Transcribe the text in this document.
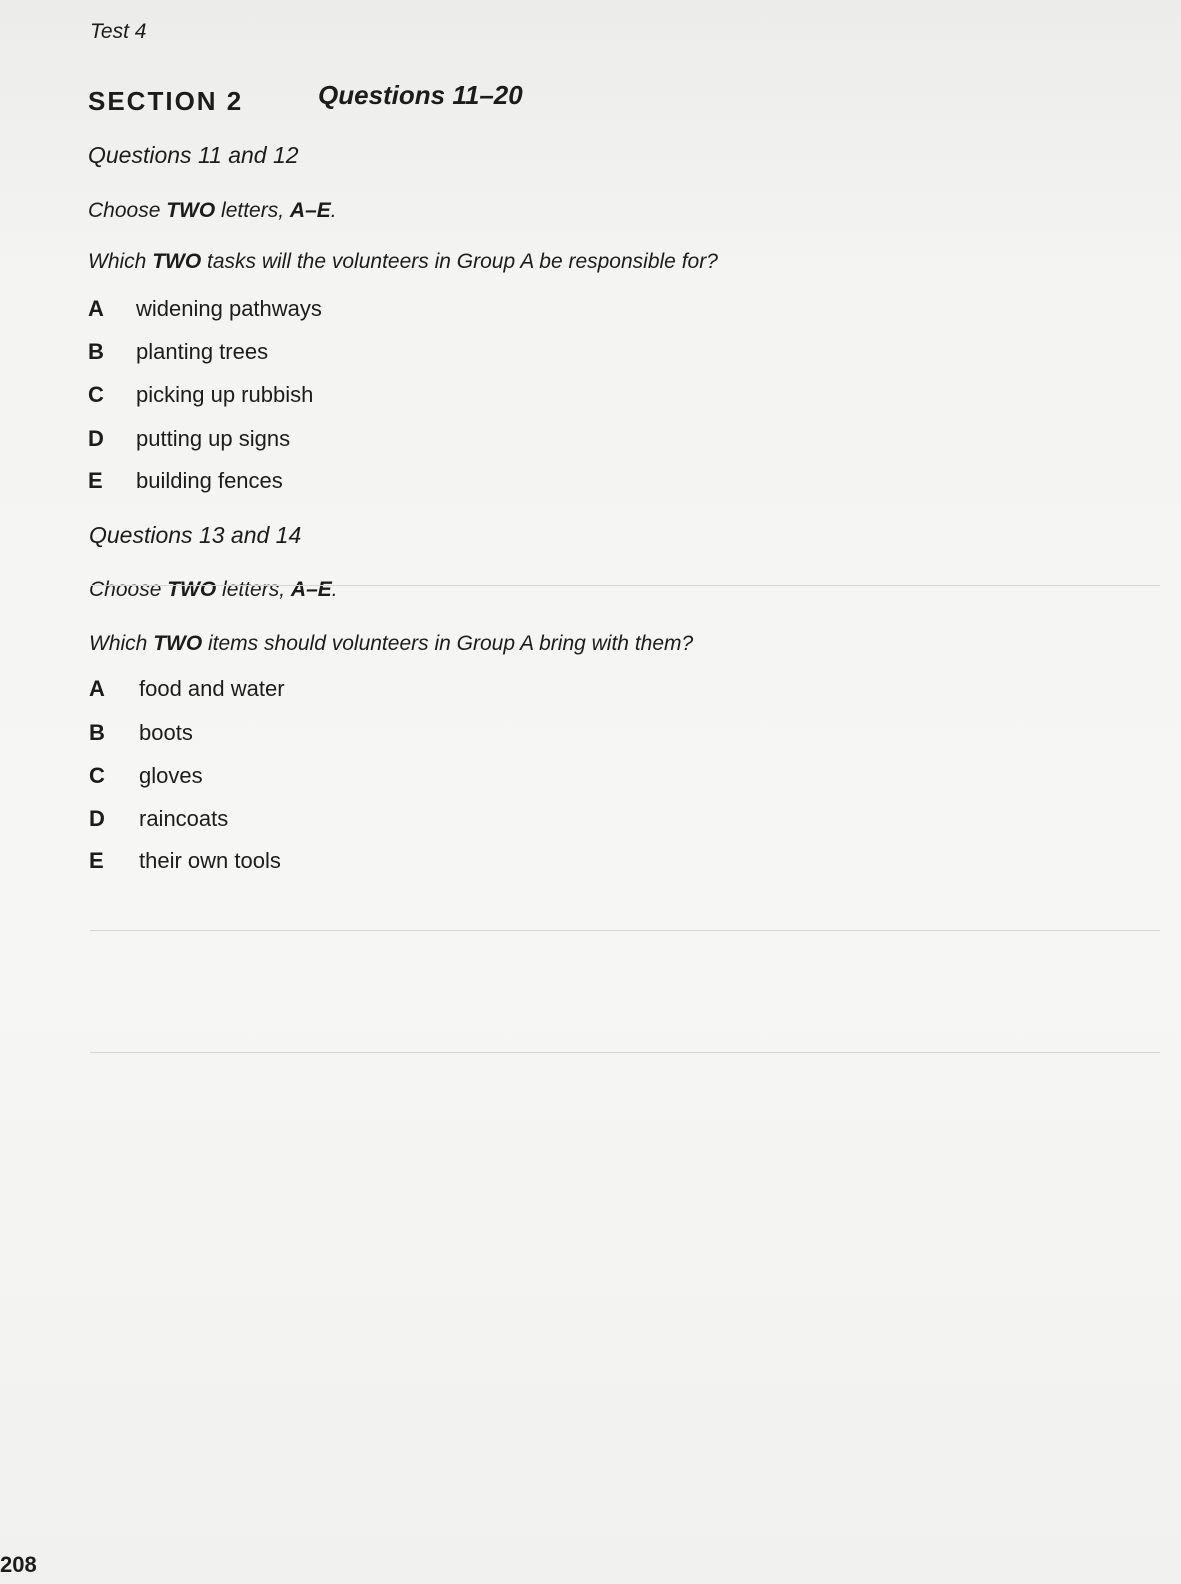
Test 4
SECTION 2	Questions 11–20
Questions 11 and 12
Choose TWO letters, A–E.
Which TWO tasks will the volunteers in Group A be responsible for?
A widening pathways
B planting trees
C picking up rubbish
D putting up signs
E building fences
Questions 13 and 14
Choose TWO letters, A–E.
Which TWO items should volunteers in Group A bring with them?
A food and water
B boots
C gloves
D raincoats
E their own tools
208
